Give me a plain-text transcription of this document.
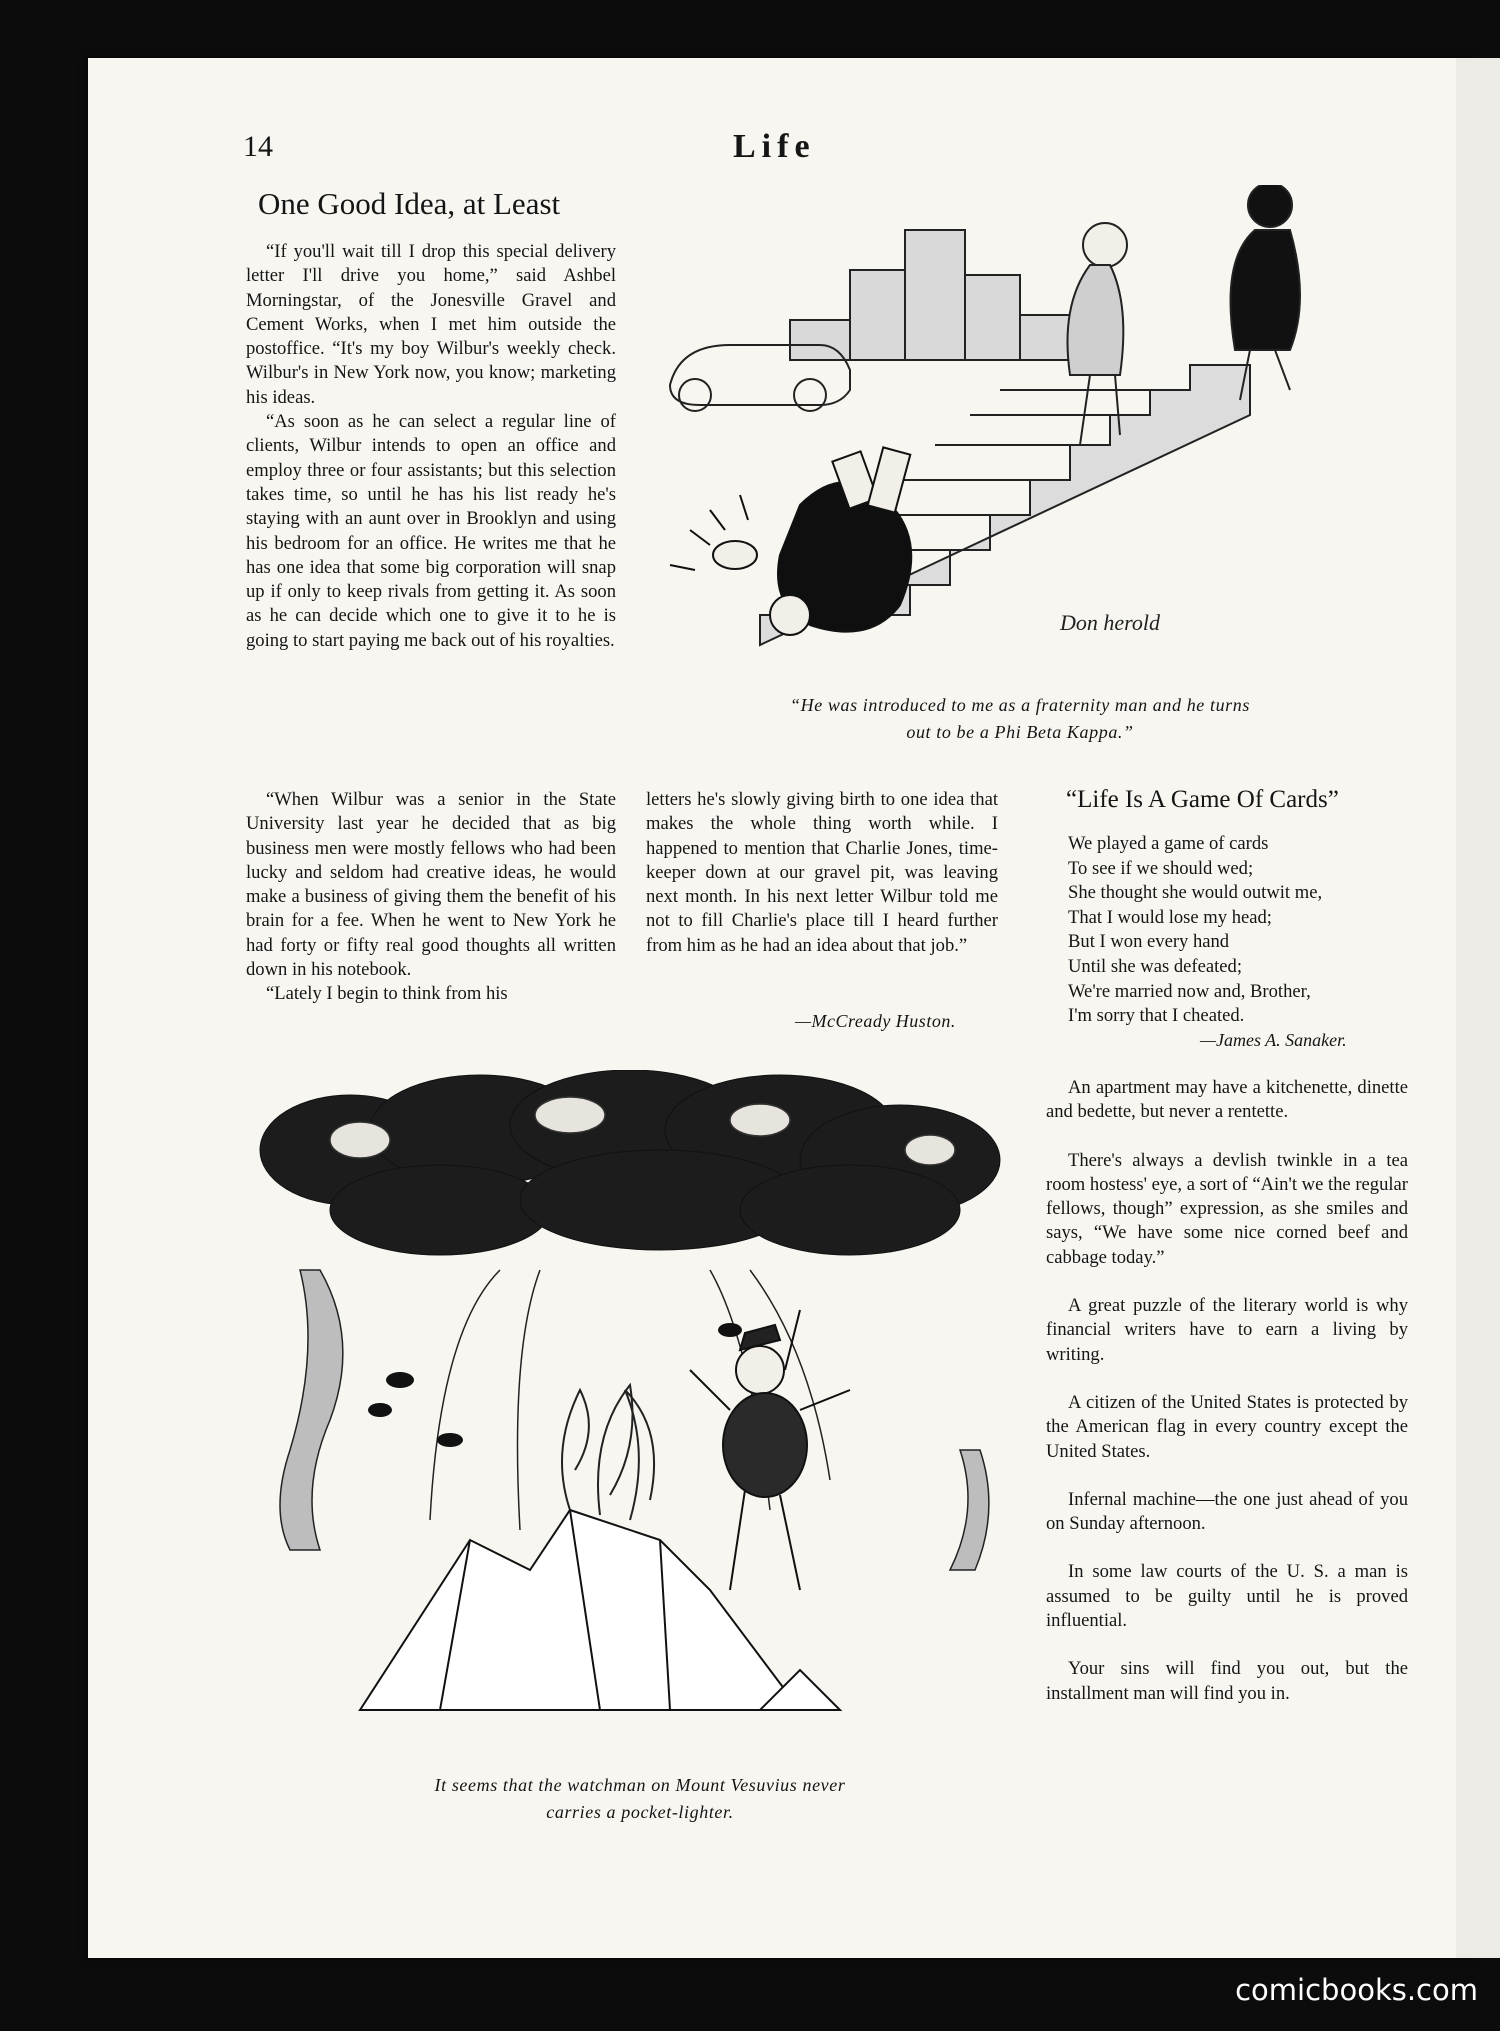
14	Life
One Good Idea, at Least

“If you'll wait till I drop this special delivery letter I'll drive you home,” said Ashbel Morningstar, of the Jonesville Gravel and Cement Works, when I met him outside the postoffice. “It's my boy Wilbur's weekly check. Wilbur's in New York now, you know; marketing his ideas.

“As soon as he can select a regular line of clients, Wilbur intends to open an office and employ three or four assistants; but this selection takes time, so until he has his list ready he's staying with an aunt over in Brooklyn and using his bedroom for an office. He writes me that he has one idea that some big corporation will snap up if only to keep rivals from getting it. As soon as he can decide which one to give it to he is going to start paying me back out of his royalties.

“When Wilbur was a senior in the State University last year he decided that as big business men were mostly fellows who had been lucky and seldom had creative ideas, he would make a business of giving them the benefit of his brain for a fee. When he went to New York he had forty or fifty real good thoughts all written down in his notebook.

“Lately I begin to think from his

letters he's slowly giving birth to one idea that makes the whole thing worth while. I happened to mention that Charlie Jones, time-keeper down at our gravel pit, was leaving next month. In his next letter Wilbur told me not to fill Charlie's place till I heard further from him as he had an idea about that job.”

—McCready Huston.
Don herold
“He was introduced to me as a fraternity man and he turns
out to be a Phi Beta Kappa.”
“Life Is A Game Of Cards”
We played a game of cards
To see if we should wed;
She thought she would outwit me,
That I would lose my head;
But I won every hand
Until she was defeated;
We're married now and, Brother,
I'm sorry that I cheated.
—James A. Sanaker.

An apartment may have a kitchenette, dinette and bedette, but never a rentette.

There's always a devlish twinkle in a tea room hostess' eye, a sort of “Ain't we the regular fellows, though” expression, as she smiles and says, “We have some nice corned beef and cabbage today.”

A great puzzle of the literary world is why financial writers have to earn a living by writing.

A citizen of the United States is protected by the American flag in every country except the United States.

Infernal machine—the one just ahead of you on Sunday afternoon.

In some law courts of the U. S. a man is assumed to be guilty until he is proved influential.

Your sins will find you out, but the installment man will find you in.

It seems that the watchman on Mount Vesuvius never
carries a pocket-lighter.
comicbooks.com
